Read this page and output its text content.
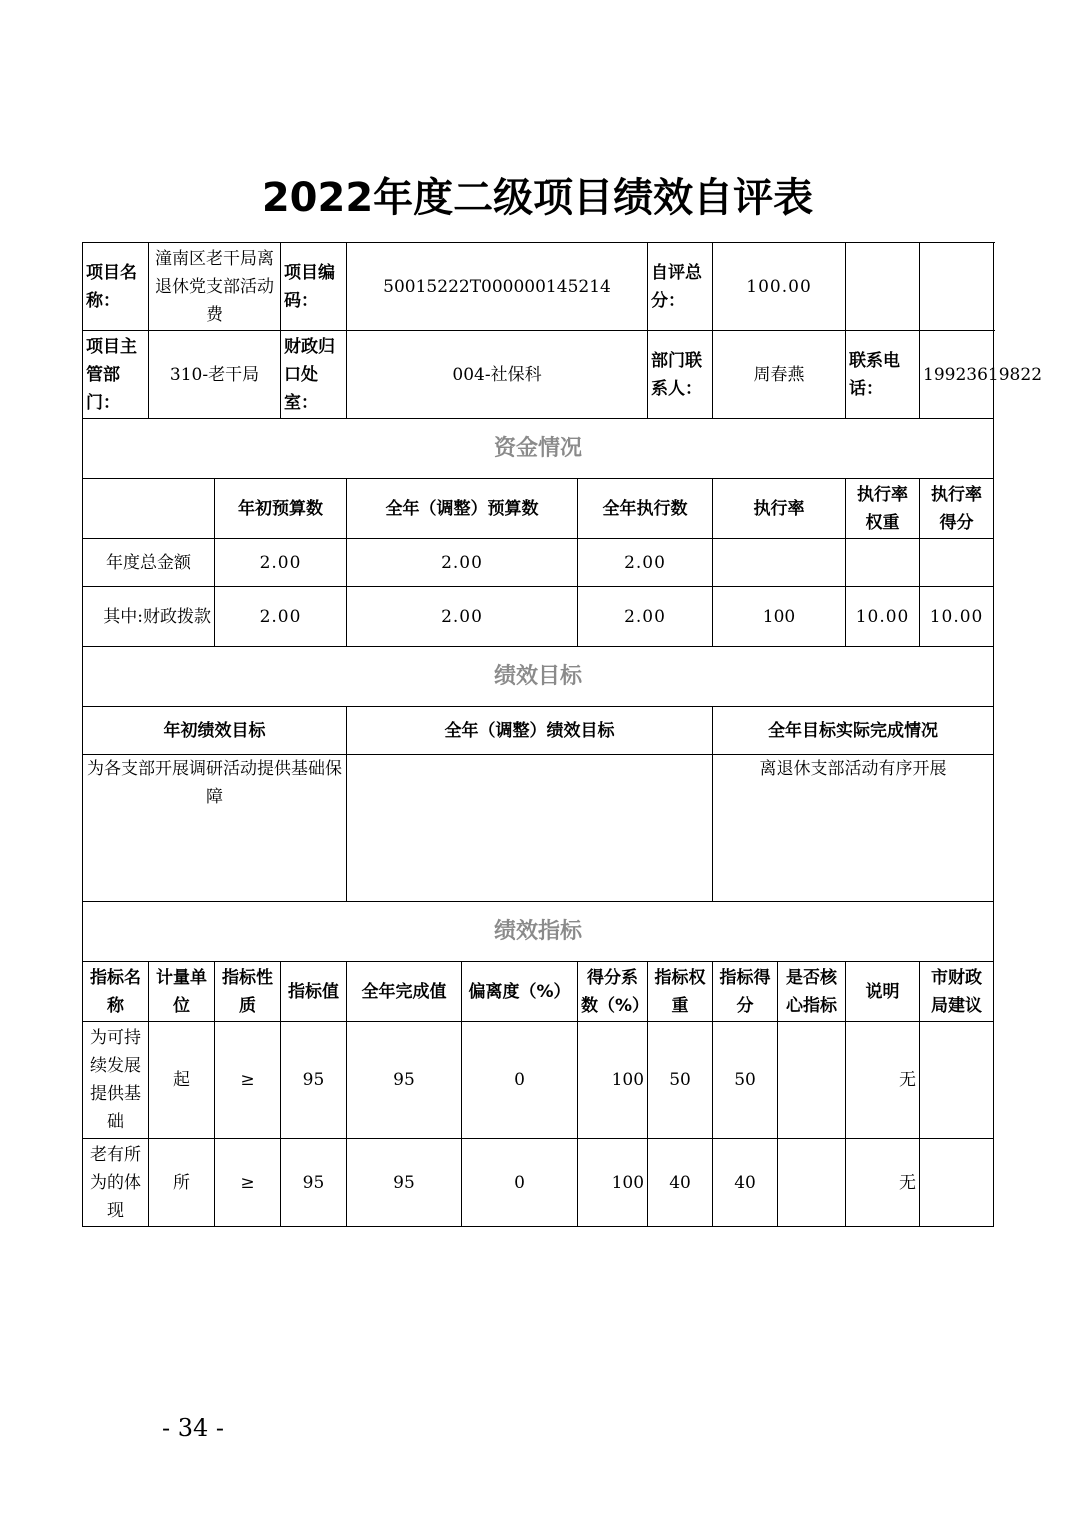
2022年度二级项目绩效自评表
项目名称：	潼南区老干局离退休党支部活动费		项目编码：	50015222T000000145214			自评总分：	100.00			
项目主管部门：	310-老干局		财政归口处室：	004-社保科			部门联系人：	周春燕		联系电话：	19923619822
资金情况											
		年初预算数		全年（调整）预算数		全年执行数		执行率		执行率权重	执行率得分
年度总金额		2.00		2.00		2.00					
其中:财政拨款		2.00		2.00		2.00		100		10.00	10.00
绩效目标											
年初绩效目标				全年（调整）绩效目标				全年目标实际完成情况			
为各支部开展调研活动提供基础保障								离退休支部活动有序开展			
绩效指标											
指标名称	计量单位	指标性质	指标值	全年完成值	偏离度（%）	得分系数（%）	指标权重	指标得分	是否核心指标	说明	市财政局建议
为可持续发展提供基础	起	≥	95	95	0	100	50	50		无	
老有所为的体现	所	≥	95	95	0	100	40	40		无	
- 34 -
